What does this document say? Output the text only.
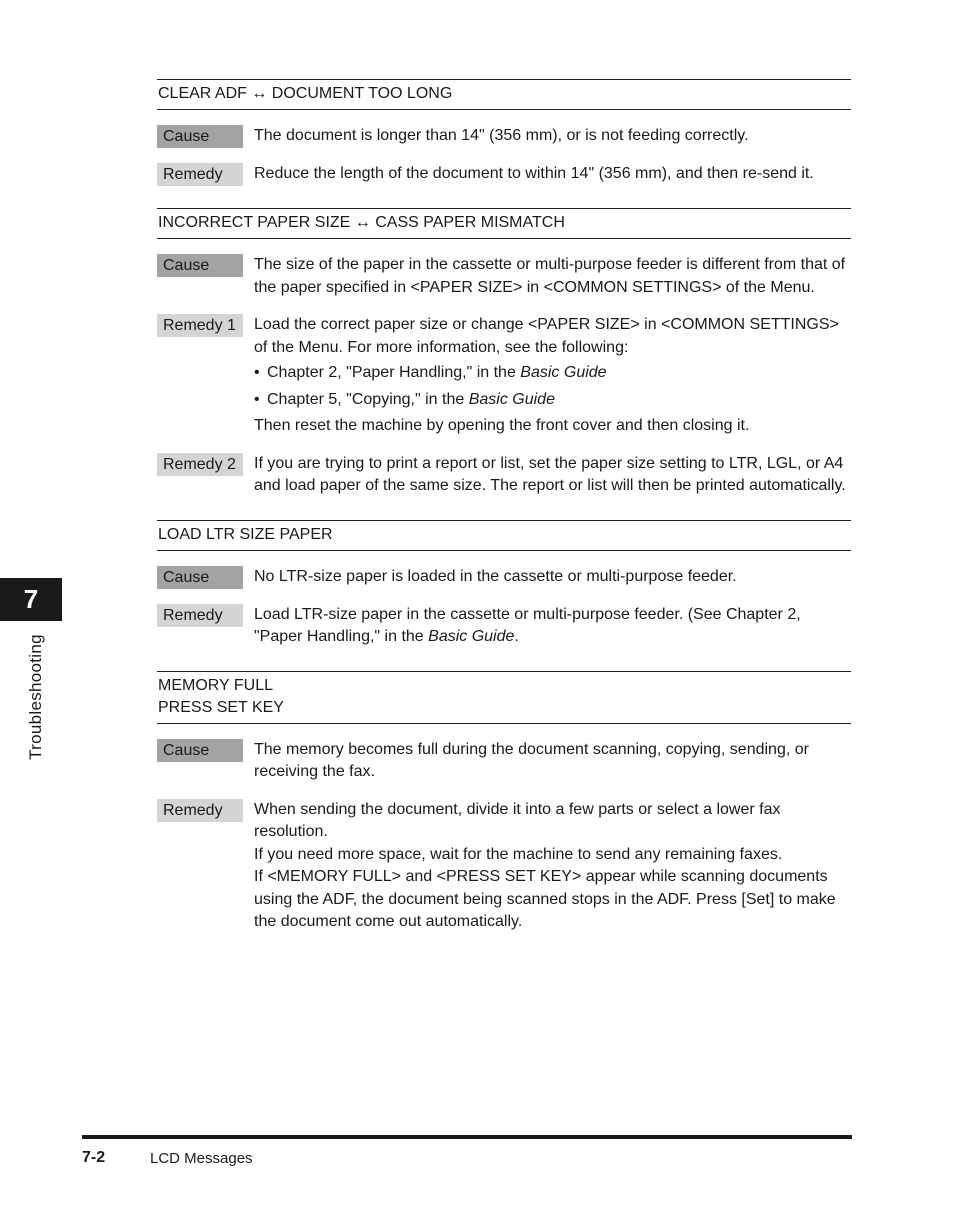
7
Troubleshooting
CLEAR ADF ↔ DOCUMENT TOO LONG
Cause	The document is longer than 14" (356 mm), or is not feeding correctly.
Remedy	Reduce the length of the document to within 14" (356 mm), and then re-send it.
INCORRECT PAPER SIZE ↔ CASS PAPER MISMATCH
Cause	The size of the paper in the cassette or multi-purpose feeder is different from that of the paper specified in <PAPER SIZE> in <COMMON SETTINGS> of the Menu.
Remedy 1	Load the correct paper size or change <PAPER SIZE> in <COMMON SETTINGS> of the Menu. For more information, see the following:

• Chapter 2, "Paper Handling," in the Basic Guide
• Chapter 5, "Copying," in the Basic Guide

Then reset the machine by opening the front cover and then closing it.

Remedy 2	If you are trying to print a report or list, set the paper size setting to LTR, LGL, or A4 and load paper of the same size. The report or list will then be printed automatically.
LOAD LTR SIZE PAPER
Cause	No LTR-size paper is loaded in the cassette or multi-purpose feeder.
Remedy	Load LTR-size paper in the cassette or multi-purpose feeder. (See Chapter 2, "Paper Handling," in the Basic Guide.
MEMORY FULL
PRESS SET KEY
Cause	The memory becomes full during the document scanning, copying, sending, or receiving the fax.
Remedy	When sending the document, divide it into a few parts or select a lower fax resolution.

If you need more space, wait for the machine to send any remaining faxes.

If <MEMORY FULL> and <PRESS SET KEY> appear while scanning documents using the ADF, the document being scanned stops in the ADF. Press [Set] to make the document come out automatically.

7-2	LCD Messages
